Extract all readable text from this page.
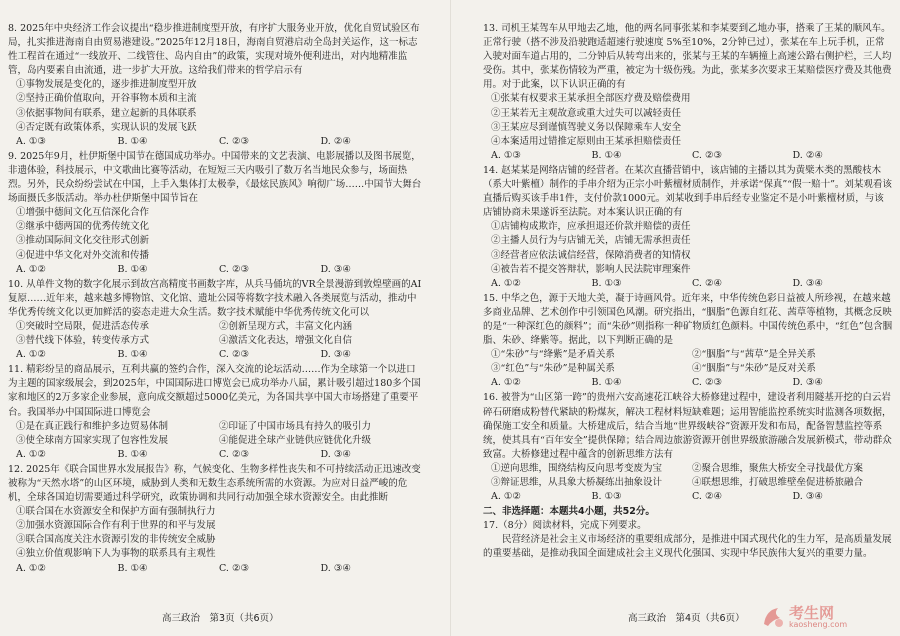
8. 2025年中央经济工作会议提出“稳步推进制度型开放，有序扩大服务业开放，优化自贸试验区布局，扎实推进海南自由贸易港建设。”2025年12月18日，海南自贸港启动全岛封关运作，这一标志性工程首在通过“一线放开、二线管住、岛内自由”的政策，实现对境外便利进出，对内地精准监管，岛内要素自由流通，进一步扩大开放。这给我们带来的哲学启示有
①事物发展是变化的，逐步推进制度型开放
②坚持正确价值取向，开谷事物本质和主流
③依据事物间有联系，建立起新的具体联系
④否定既有政策体系，实现认识的发展飞跃
A. ①③	B. ①④	C. ②③	D. ②④
9. 2025年9月，杜伊斯堡中国节在德国成功举办。中国带来的文艺表演、电影展播以及图书展览，非遗体验，科技展示，中文歌曲比赛等活动，在短短三天内吸引了数万名当地民众参与，场面热烈。另外，民众纷纷尝试在中国，上手入集体打太极拳，《最炫民族风》响彻广场……中国节大舞台场面摄氏多版活动。举办杜伊斯堡中国节旨在
①增强中德间文化互信深化合作
②继承中德两国的优秀传统文化
③推动国际间文化交往形式创新
④促进中华文化对外交流和传播
A. ①②	B. ①④	C. ②③	D. ③④
10. 从单件文物的数字化展示到故宫高精度书画数字库，从兵马俑坑的VR全景漫游到敦煌壁画的AI复原……近年来，越来越多博物馆、文化馆、遗址公园等将数字技术融入各类展览与活动，推动中华优秀传统文化以更加鲜活的姿态走进大众生活。数字技术赋能中华优秀传统文化可以
①突破时空局限，促进活态传承	②创新呈现方式，丰富文化内涵
③替代线下体验，转变传承方式	④激活文化表达，增强文化自信
A. ①②	B. ①④	C. ②③	D. ③④
11. 精彩纷呈的商品展示，互利共赢的签约合作，深入交流的论坛活动……作为全球第一个以进口为主题的国家级展会，到2025年，中国国际进口博览会已成功举办八届，累计吸引超过180多个国家和地区的2万多家企业参展，意向成交额超过5000亿美元，为各国共享中国大市场搭建了重要平台。我国举办中国国际进口博览会
①是在真正践行和维护多边贸易体制	②印证了中国市场具有持久的吸引力
③使全球南方国家实现了包容性发展	④能促进全球产业链供应链优化升级
A. ①②	B. ①④	C. ②③	D. ③④
12. 2025年《联合国世界水发展报告》称，气候变化、生物多样性丧失和不可持续活动正迅速改变被称为“天然水塔”的山区环境，威胁到人类和无数生态系统所需的水资源。为应对日益严峻的危机，全球各国迫切需要通过科学研究，政策协调和共同行动加强全球水资源安全。由此推断
①联合国在水资源安全和保护方面有强制执行力
②加强水资源国际合作有利于世界的和平与发展
③联合国高度关注水资源引发的非传统安全威胁
④独立价值观影响下人为事物的联系具有主观性
A. ①②	B. ①④	C. ②③	D. ③④
13. 司机王某驾车从甲地去乙地，他的两名同事张某和李某要到乙地办事，搭乘了王某的顺风车。正常行驶（搭不涉及沿驶跑适超速行驶速度 5%至10%，2分钟已过），张某在车上玩手机，正常入驶对面车道占用的，二分钟后从转弯出来的，张某与王某的车辆撞上高速公路右侧护栏，三人均受伤。其中，张某伤情较为严重，被定为十级伤残。为此，张某多次要求王某赔偿医疗费及其他费用。对于此案，以下认识正确的有
①张某有权要求王某承担全部医疗费及赔偿费用
②王某若无主观故意或重大过失可以减轻责任
③王某应尽到谨慎驾驶义务以保障乘车人安全
④本案适用过错推定原则由王某承担赔偿责任
A. ①③	B. ①④	C. ②③	D. ②④
14. 赵某某是网络店铺的经营者。在某次直播营销中，该店铺的主播以其为黄檗木类的黑酸枝木（系大叶紫檀）制作的手串介绍为正宗小叶紫檀材质制作，并承诺“保真”“假一赔十”。刘某观看该直播后购买该手串1件，支付价款1000元。刘某收到手串后经专业鉴定不是小叶紫檀材质，与该店铺协商未果遂诉至法院。对本案认识正确的有
①店铺构成欺诈，应承担退还价款并赔偿的责任
②主播人员行为与店铺无关，店铺无需承担责任
③经营者应依法诚信经营，保障消费者的知情权
④被告若不提交答辩状，影响人民法院审理案件
A. ①②	B. ①③	C. ②④	D. ③④
15. 中华之色，源于天地大美，凝于诗画风骨。近年来，中华传统色彩日益被人所珍视，在越来越多商业品牌、艺术创作中引领国色风潮。研究指出，“胭脂”色源自红花、茜草等植物，其概念反映的是“一种深红色的颜料”；而“朱砂”则指称一种矿物质红色颜料。中国传统色系中，“红色”包含胭脂、朱砂、绛紫等。据此，以下判断正确的是
①“朱砂”与“绛紫”是矛盾关系	②“胭脂”与“茜草”是全异关系
③“红色”与“朱砂”是种属关系	④“胭脂”与“朱砂”是反对关系
A. ①②	B. ①④	C. ②③	D. ③④
16. 被誉为“山区第一跨”的贵州六安高速花江峡谷大桥修建过程中，建设者利用隧基开挖的白云岩碎石研磨成粉替代紧缺的粉煤灰，解决工程材料短缺难题；运用智能监控系统实时监测各项数据，确保施工安全和质量。大桥建成后，结合当地“世界级峡谷”资源开发和布局，配备智慧监控等系统，使其具有“百年安全”提供保障；结合周边旅游资源开创世界级旅游融合发展新模式，带动群众致富。大桥修建过程中蕴含的创新思维方法有
①逆向思维，围绕结构反向思考变废为宝	②聚合思维，聚焦大桥安全寻找最优方案
③辩证思维，从具象大桥凝练出抽象设计	④联想思维，打破思维壁垒促进桥旅融合
A. ①②	B. ①③	C. ②④	D. ③④
二、非选择题：本题共4小题，共52分。
17.（8分）阅读材料，完成下列要求。
民营经济是社会主义市场经济的重要组成部分，是推进中国式现代化的生力军，是高质量发展的重要基础，是推动我国全面建成社会主义现代化强国、实现中华民族伟大复兴的重要力量。
高三政治　第3页（共6页）	高三政治　第4页（共6页）	考生网
kaosheng.com
